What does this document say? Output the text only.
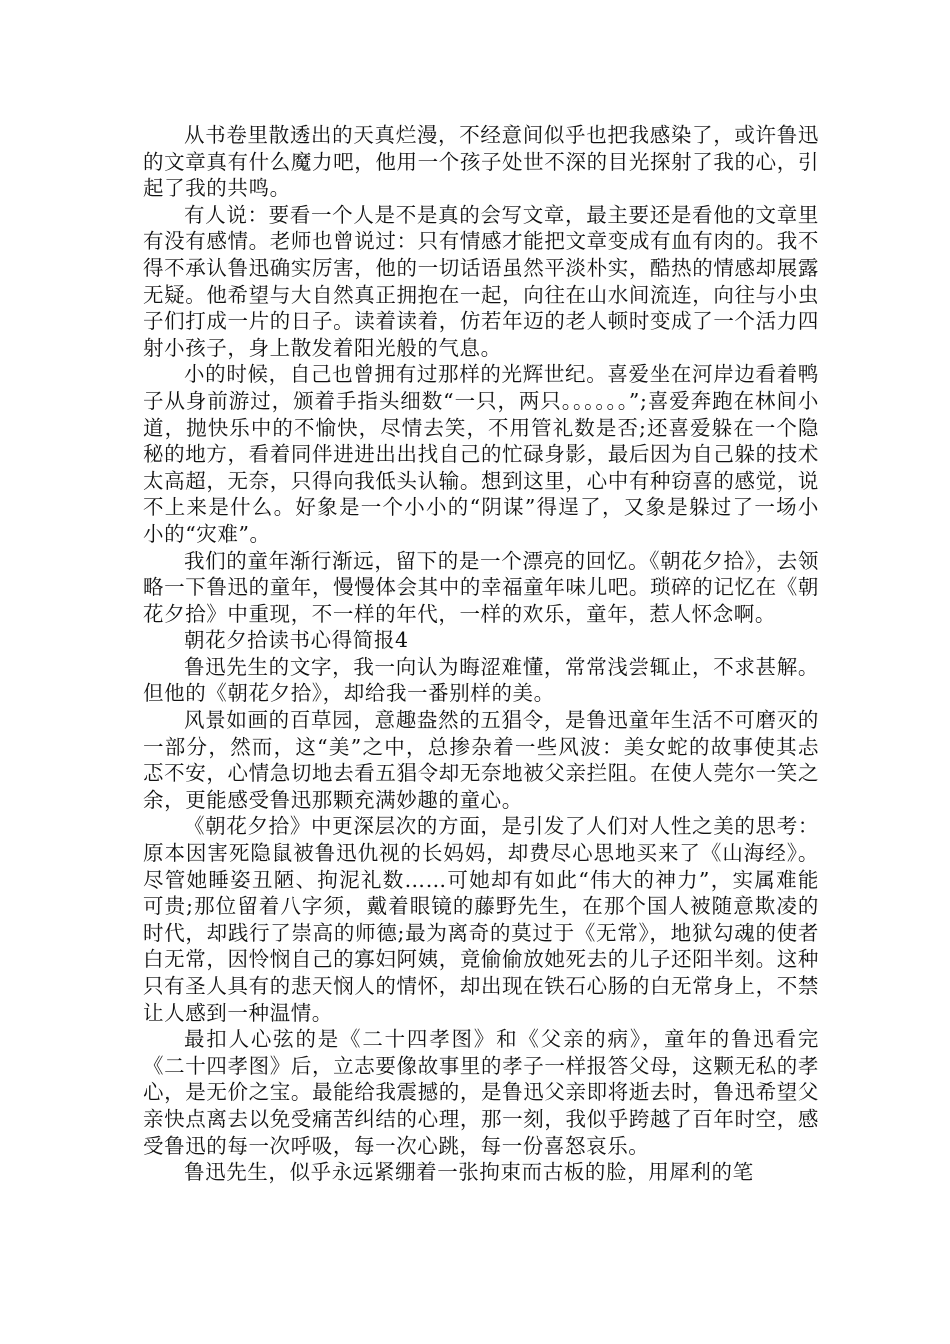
从书卷里散透出的天真烂漫，不经意间似乎也把我感染了，或许鲁迅的文章真有什么魔力吧，他用一个孩子处世不深的目光探射了我的心，引起了我的共鸣。

有人说：要看一个人是不是真的会写文章，最主要还是看他的文章里有没有感情。老师也曾说过：只有情感才能把文章变成有血有肉的。我不得不承认鲁迅确实厉害，他的一切话语虽然平淡朴实，酷热的情感却展露无疑。他希望与大自然真正拥抱在一起，向往在山水间流连，向往与小虫子们打成一片的日子。读着读着，仿若年迈的老人顿时变成了一个活力四射小孩子，身上散发着阳光般的气息。

小的时候，自己也曾拥有过那样的光辉世纪。喜爱坐在河岸边看着鸭子从身前游过，颁着手指头细数“一只，两只。。。。。。”;喜爱奔跑在林间小道，抛快乐中的不愉快，尽情去笑，不用管礼数是否;还喜爱躲在一个隐秘的地方，看着同伴进进出出找自己的忙碌身影，最后因为自己躲的技术太高超，无奈，只得向我低头认输。想到这里，心中有种窃喜的感觉，说不上来是什么。好象是一个小小的“阴谋”得逞了，又象是躲过了一场小小的“灾难”。

我们的童年渐行渐远，留下的是一个漂亮的回忆。《朝花夕拾》，去领略一下鲁迅的童年，慢慢体会其中的幸福童年味儿吧。琐碎的记忆在《朝花夕拾》中重现，不一样的年代，一样的欢乐，童年，惹人怀念啊。

朝花夕拾读书心得简报4

鲁迅先生的文字，我一向认为晦涩难懂，常常浅尝辄止，不求甚解。但他的《朝花夕拾》，却给我一番别样的美。

风景如画的百草园，意趣盎然的五猖令，是鲁迅童年生活不可磨灭的一部分，然而，这“美”之中，总掺杂着一些风波：美女蛇的故事使其忐忑不安，心情急切地去看五猖令却无奈地被父亲拦阻。在使人莞尔一笑之余，更能感受鲁迅那颗充满妙趣的童心。

《朝花夕拾》中更深层次的方面，是引发了人们对人性之美的思考：原本因害死隐鼠被鲁迅仇视的长妈妈，却费尽心思地买来了《山海经》。尽管她睡姿丑陋、拘泥礼数……可她却有如此“伟大的神力”，实属难能可贵;那位留着八字须，戴着眼镜的藤野先生，在那个国人被随意欺凌的时代，却践行了崇高的师德;最为离奇的莫过于《无常》，地狱勾魂的使者白无常，因怜悯自己的寡妇阿姨，竟偷偷放她死去的儿子还阳半刻。这种只有圣人具有的悲天悯人的情怀，却出现在铁石心肠的白无常身上，不禁让人感到一种温情。

最扣人心弦的是《二十四孝图》和《父亲的病》，童年的鲁迅看完《二十四孝图》后，立志要像故事里的孝子一样报答父母，这颗无私的孝心，是无价之宝。最能给我震撼的，是鲁迅父亲即将逝去时，鲁迅希望父亲快点离去以免受痛苦纠结的心理，那一刻，我似乎跨越了百年时空，感受鲁迅的每一次呼吸，每一次心跳，每一份喜怒哀乐。

鲁迅先生，似乎永远紧绷着一张拘束而古板的脸，用犀利的笔
